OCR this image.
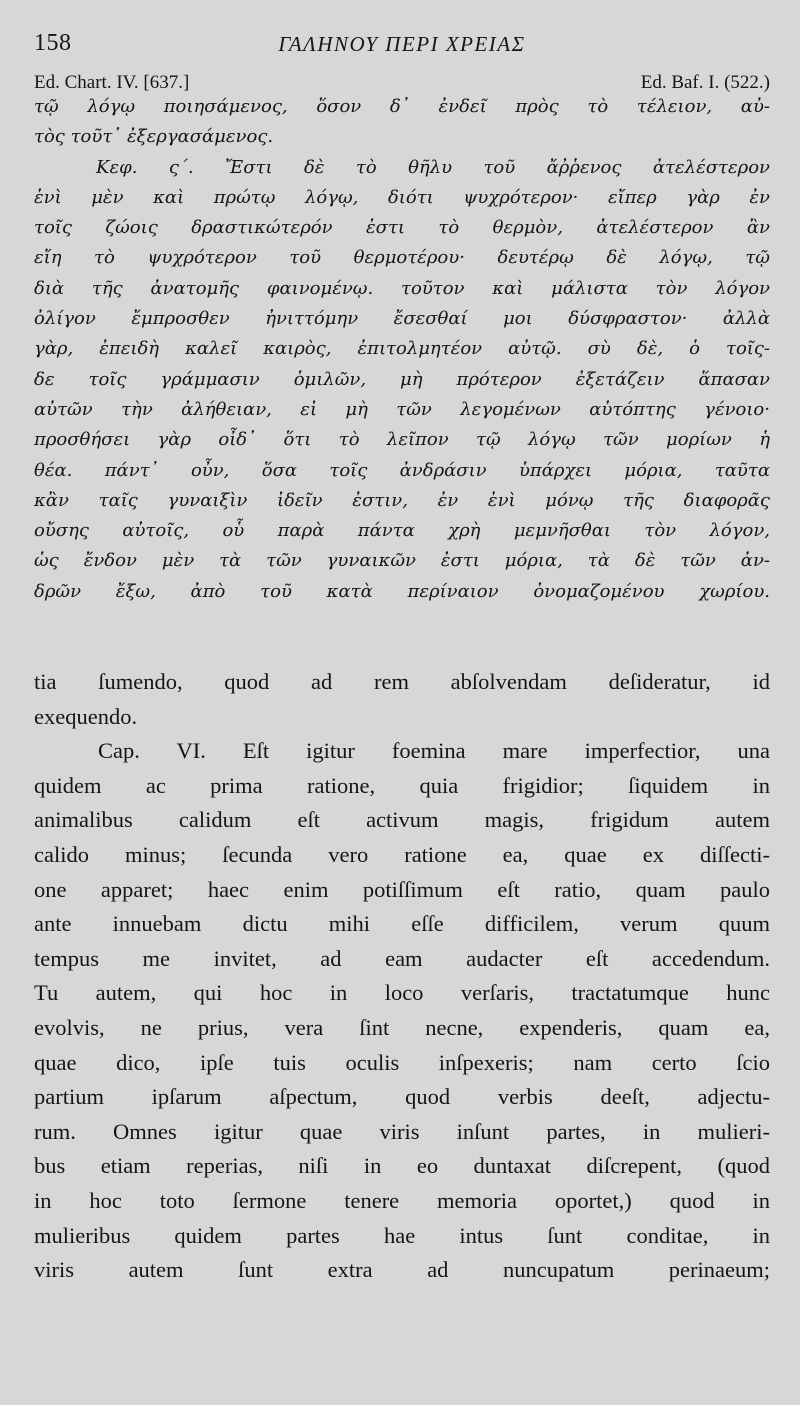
158	ΓΑΛΗΝΟΥ ΠΕΡΙ ΧΡΕΙΑΣ
Ed. Chart. IV. [637.]	Ed. Baf. I. (522.)
τῷ λόγῳ ποιησάμενος, ὅσον δ᾽ ἐνδεῖ πρὸς τὸ τέλειον, αὐ-
τὸς τοῦτ᾽ ἐξεργασάμενος.
Κεφ. ς΄. Ἔστι δὲ τὸ θῆλυ τοῦ ἄῤῥενος ἀτελέστερον
ἑνὶ μὲν καὶ πρώτῳ λόγῳ, διότι ψυχρότερον· εἴπερ γὰρ ἐν
τοῖς ζώοις δραστικώτερόν ἐστι τὸ θερμὸν, ἀτελέστερον ἂν
εἴη τὸ ψυχρότερον τοῦ θερμοτέρου· δευτέρῳ δὲ λόγῳ, τῷ
διὰ τῆς ἀνατομῆς φαινομένῳ. τοῦτον καὶ μάλιστα τὸν λόγον
ὀλίγον ἔμπροσθεν ἠνιττόμην ἔσεσθαί μοι δύσφραστον· ἀλλὰ
γὰρ, ἐπειδὴ καλεῖ καιρὸς, ἐπιτολμητέον αὐτῷ. σὺ δὲ, ὁ τοῖς-
δε τοῖς γράμμασιν ὁμιλῶν, μὴ πρότερον ἐξετάζειν ἅπασαν
αὐτῶν τὴν ἀλήθειαν, εἰ μὴ τῶν λεγομένων αὐτόπτης γένοιο·
προσθήσει γὰρ οἶδ᾽ ὅτι τὸ λεῖπον τῷ λόγῳ τῶν μορίων ἡ
θέα. πάντ᾽ οὖν, ὅσα τοῖς ἀνδράσιν ὑπάρχει μόρια, ταῦτα
κἂν ταῖς γυναιξὶν ἰδεῖν ἐστιν, ἐν ἑνὶ μόνῳ τῆς διαφορᾶς
οὔσης αὐτοῖς, οὗ παρὰ πάντα χρὴ μεμνῆσθαι τὸν λόγον,
ὡς ἔνδον μὲν τὰ τῶν γυναικῶν ἐστι μόρια, τὰ δὲ τῶν ἀν-
δρῶν ἔξω, ἀπὸ τοῦ κατὰ περίναιον ὀνομαζομένου χωρίου.
tia ſumendo, quod ad rem abſolvendam deſideratur, id
exequendo.
Cap. VI. Eſt igitur foemina mare imperfectior, una
quidem ac prima ratione, quia frigidior; ſiquidem in
animalibus calidum eſt activum magis, frigidum autem
calido minus; ſecunda vero ratione ea, quae ex diſſecti-
one apparet; haec enim potiſſimum eſt ratio, quam paulo
ante innuebam dictu mihi eſſe difficilem, verum quum
tempus me invitet, ad eam audacter eſt accedendum.
Tu autem, qui hoc in loco verſaris, tractatumque hunc
evolvis, ne prius, vera ſint necne, expenderis, quam ea,
quae dico, ipſe tuis oculis inſpexeris; nam certo ſcio
partium ipſarum aſpectum, quod verbis deeſt, adjectu-
rum. Omnes igitur quae viris inſunt partes, in mulieri-
bus etiam reperias, niſi in eo duntaxat diſcrepent, (quod
in hoc toto ſermone tenere memoria oportet,) quod in
mulieribus quidem partes hae intus ſunt conditae, in
viris autem ſunt extra ad nuncupatum perinaeum;
